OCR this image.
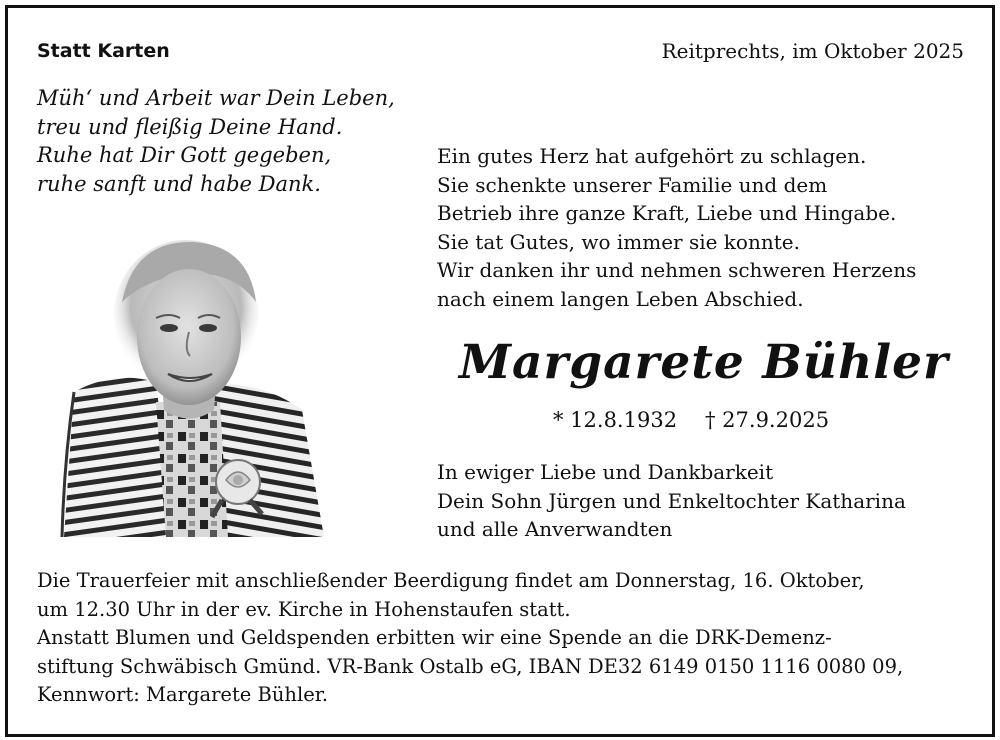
Statt Karten	Reitprechts, im Oktober 2025
Müh‘ und Arbeit war Dein Leben,
treu und fleißig Deine Hand.
Ruhe hat Dir Gott gegeben,
ruhe sanft und habe Dank.
Ein gutes Herz hat aufgehört zu schlagen.
Sie schenkte unserer Familie und dem
Betrieb ihre ganze Kraft, Liebe und Hingabe.
Sie tat Gutes, wo immer sie konnte.
Wir danken ihr und nehmen schweren Herzens
nach einem langen Leben Abschied.
Margarete Bühler
* 12.8.1932 † 27.9.2025
In ewiger Liebe und Dankbarkeit
Dein Sohn Jürgen und Enkeltochter Katharina
und alle Anverwandten
Die Trauerfeier mit anschließender Beerdigung findet am Donnerstag, 16. Oktober,
um 12.30 Uhr in der ev. Kirche in Hohenstaufen statt.
Anstatt Blumen und Geldspenden erbitten wir eine Spende an die DRK-Demenz-
stiftung Schwäbisch Gmünd. VR-Bank Ostalb eG, IBAN DE32 6149 0150 1116 0080 09,
Kennwort: Margarete Bühler.
